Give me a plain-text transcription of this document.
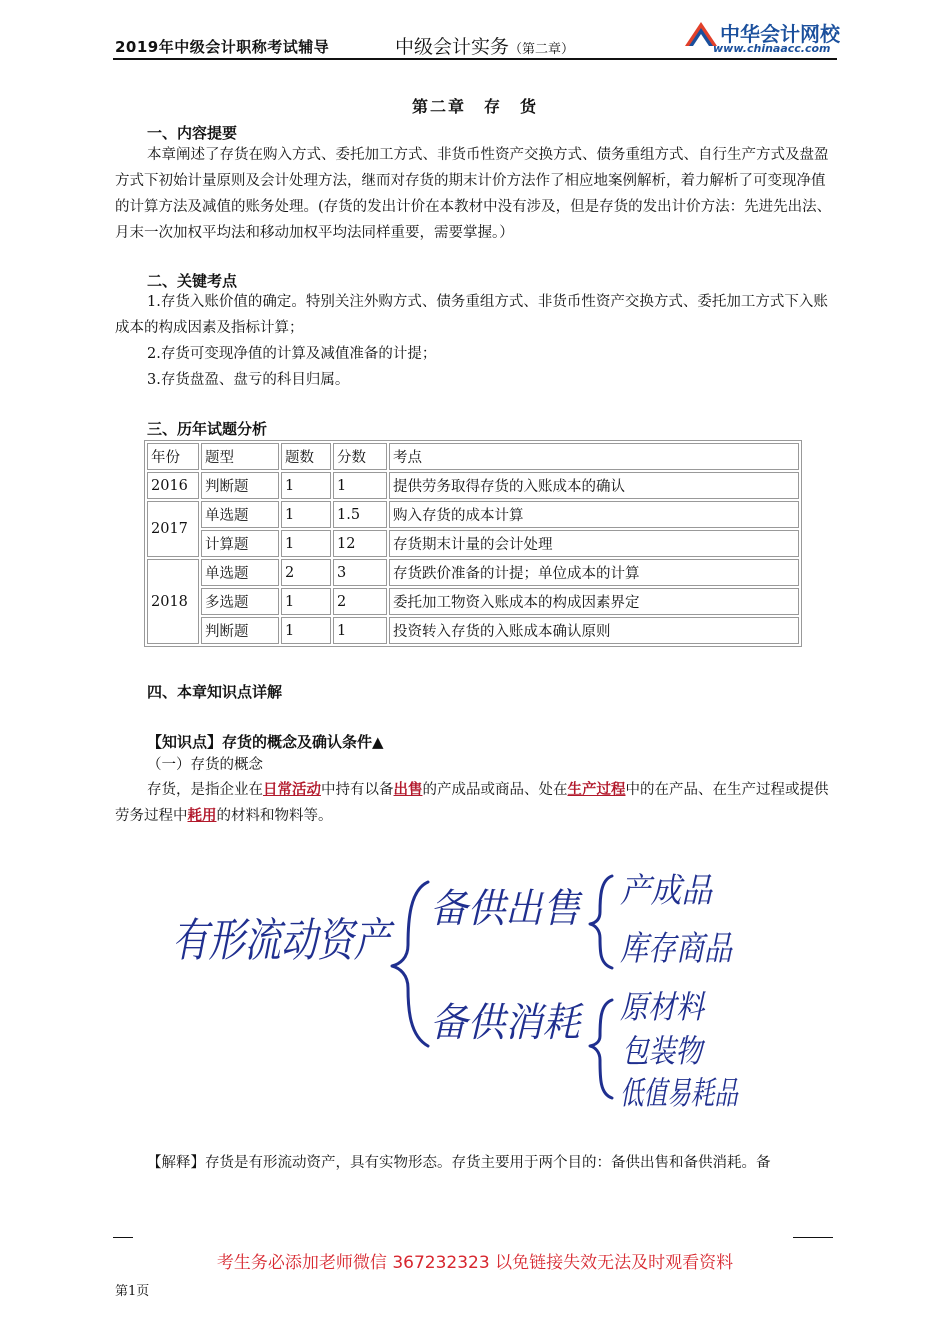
2019年中级会计职称考试辅导	中级会计实务（第二章）
中华会计网校
www.chinaacc.com
第二章　存　货
一、内容提要
本章阐述了存货在购入方式、委托加工方式、非货币性资产交换方式、债务重组方式、自行生产方式及盘盈方式下初始计量原则及会计处理方法，继而对存货的期末计价方法作了相应地案例解析，着力解析了可变现净值的计算方法及减值的账务处理。(存货的发出计价在本教材中没有涉及，但是存货的发出计价方法：先进先出法、月末一次加权平均法和移动加权平均法同样重要，需要掌握。）
二、关键考点
1.存货入账价值的确定。特别关注外购方式、债务重组方式、非货币性资产交换方式、委托加工方式下入账成本的构成因素及指标计算；
2.存货可变现净值的计算及减值准备的计提；
3.存货盘盈、盘亏的科目归属。
三、历年试题分析
年份	题型	题数	分数	考点
2016	判断题	1	1	提供劳务取得存货的入账成本的确认
2017	单选题	1	1.5	购入存货的成本计算
	计算题	1	12	存货期末计量的会计处理
2018	单选题	2	3	存货跌价准备的计提；单位成本的计算
	多选题	1	2	委托加工物资入账成本的构成因素界定
	判断题	1	1	投资转入存货的入账成本确认原则
四、本章知识点详解
【知识点】存货的概念及确认条件▲
（一）存货的概念
存货，是指企业在日常活动中持有以备出售的产成品或商品、处在生产过程中的在产品、在生产过程或提供劳务过程中耗用的材料和物料等。
有形流动资产
备供出售
备供消耗
产成品
库存商品
原材料
包装物
低值易耗品
【解释】存货是有形流动资产，具有实物形态。存货主要用于两个目的：备供出售和备供消耗。备
考生务必添加老师微信 367232323 以免链接失效无法及时观看资料
第1页
